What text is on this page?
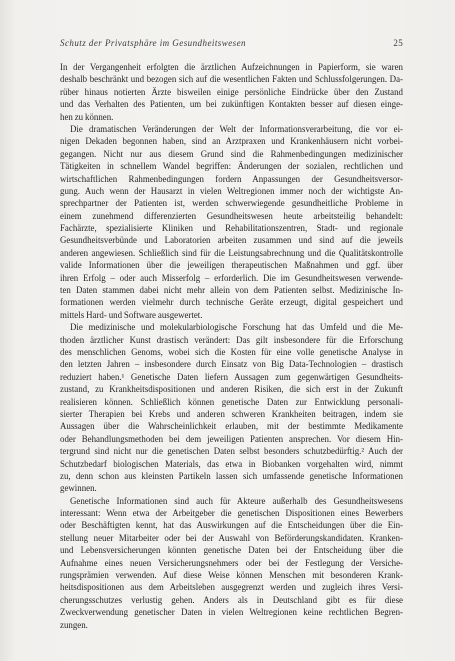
Schutz der Privatsphäre im Gesundheitswesen	25
In der Vergangenheit erfolgten die ärztlichen Aufzeichnungen in Papierform, sie waren
deshalb beschränkt und bezogen sich auf die wesentlichen Fakten und Schlussfolgerungen. Da-
rüber hinaus notierten Ärzte bisweilen einige persönliche Eindrücke über den Zustand
und das Verhalten des Patienten, um bei zukünftigen Kontakten besser auf diesen einge-
hen zu können.
Die dramatischen Veränderungen der Welt der Informationsverarbeitung, die vor ei-
nigen Dekaden begonnen haben, sind an Arztpraxen und Krankenhäusern nicht vorbei-
gegangen. Nicht nur aus diesem Grund sind die Rahmenbedingungen medizinischer
Tätigkeiten in schnellem Wandel begriffen: Änderungen der sozialen, rechtlichen und
wirtschaftlichen Rahmenbedingungen fordern Anpassungen der Gesundheitsversor-
gung. Auch wenn der Hausarzt in vielen Weltregionen immer noch der wichtigste An-
sprechpartner der Patienten ist, werden schwerwiegende gesundheitliche Probleme in
einem zunehmend differenzierten Gesundheitswesen heute arbeitsteilig behandelt:
Fachärzte, spezialisierte Kliniken und Rehabilitationszentren, Stadt- und regionale
Gesundheitsverbünde und Laboratorien arbeiten zusammen und sind auf die jeweils
anderen angewiesen. Schließlich sind für die Leistungsabrechnung und die Qualitätskontrolle
valide Informationen über die jeweiligen therapeutischen Maßnahmen und ggf. über
ihren Erfolg – oder auch Misserfolg – erforderlich. Die im Gesundheitswesen verwende-
ten Daten stammen dabei nicht mehr allein von dem Patienten selbst. Medizinische In-
formationen werden vielmehr durch technische Geräte erzeugt, digital gespeichert und
mittels Hard- und Software ausgewertet.
Die medizinische und molekularbiologische Forschung hat das Umfeld und die Me-
thoden ärztlicher Kunst drastisch verändert: Das gilt insbesondere für die Erforschung
des menschlichen Genoms, wobei sich die Kosten für eine volle genetische Analyse in
den letzten Jahren – insbesondere durch Einsatz von Big Data-Technologien – drastisch
reduziert haben.¹ Genetische Daten liefern Aussagen zum gegenwärtigen Gesundheits-
zustand, zu Krankheitsdispositionen und anderen Risiken, die sich erst in der Zukunft
realisieren können. Schließlich können genetische Daten zur Entwicklung personali-
sierter Therapien bei Krebs und anderen schweren Krankheiten beitragen, indem sie
Aussagen über die Wahrscheinlichkeit erlauben, mit der bestimmte Medikamente
oder Behandlungsmethoden bei dem jeweiligen Patienten ansprechen. Vor diesem Hin-
tergrund sind nicht nur die genetischen Daten selbst besonders schutzbedürftig.² Auch der
Schutzbedarf biologischen Materials, das etwa in Biobanken vorgehalten wird, nimmt
zu, denn schon aus kleinsten Partikeln lassen sich umfassende genetische Informationen
gewinnen.
Genetische Informationen sind auch für Akteure außerhalb des Gesundheitswesens
interessant: Wenn etwa der Arbeitgeber die genetischen Dispositionen eines Bewerbers
oder Beschäftigten kennt, hat das Auswirkungen auf die Entscheidungen über die Ein-
stellung neuer Mitarbeiter oder bei der Auswahl von Beförderungskandidaten. Kranken-
und Lebensversicherungen könnten genetische Daten bei der Entscheidung über die
Aufnahme eines neuen Versicherungsnehmers oder bei der Festlegung der Versiche-
rungsprämien verwenden. Auf diese Weise können Menschen mit besonderen Krank-
heitsdispositionen aus dem Arbeitsleben ausgegrenzt werden und zugleich ihres Versi-
cherungsschutzes verlustig gehen. Anders als in Deutschland gibt es für diese
Zweckverwendung genetischer Daten in vielen Weltregionen keine rechtlichen Begren-
zungen.
